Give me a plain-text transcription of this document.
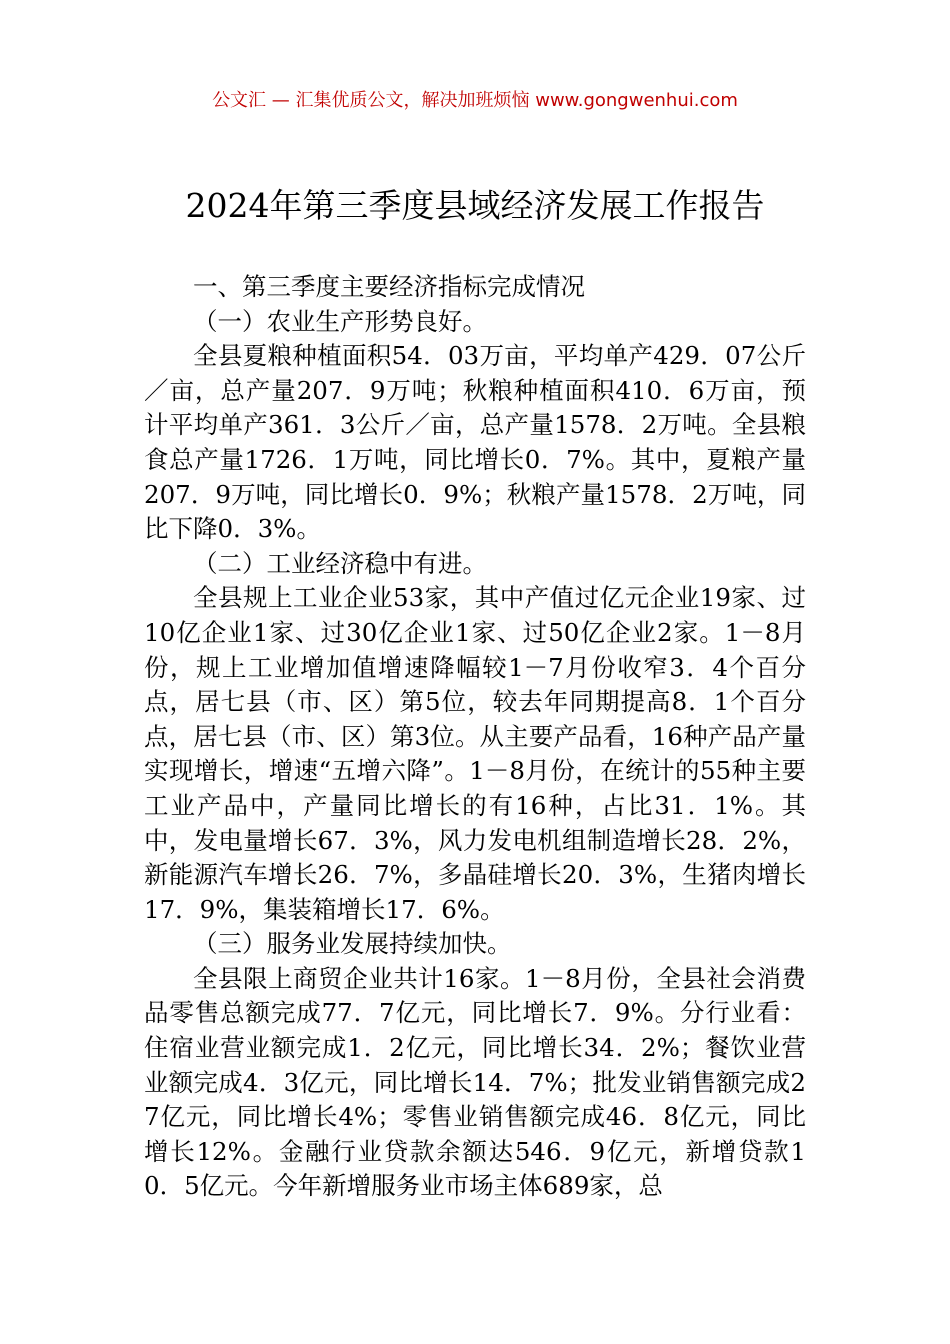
公文汇 — 汇集优质公文，解决加班烦恼 www.gongwenhui.com
2024年第三季度县域经济发展工作报告

一、第三季度主要经济指标完成情况

（一）农业生产形势良好。

全县夏粮种植面积54．03万亩，平均单产429．07公斤／亩，总产量207．9万吨；秋粮种植面积410．6万亩，预计平均单产361．3公斤／亩，总产量1578．2万吨。全县粮食总产量1726．1万吨，同比增长0．7%。其中，夏粮产量207．9万吨，同比增长0．9%；秋粮产量1578．2万吨，同比下降0．3%。

（二）工业经济稳中有进。

全县规上工业企业53家，其中产值过亿元企业19家、过10亿企业1家、过30亿企业1家、过50亿企业2家。1－8月份，规上工业增加值增速降幅较1－7月份收窄3．4个百分点，居七县（市、区）第5位，较去年同期提高8．1个百分点，居七县（市、区）第3位。从主要产品看，16种产品产量实现增长，增速“五增六降”。1－8月份，在统计的55种主要工业产品中，产量同比增长的有16种，占比31．1%。其中，发电量增长67．3%，风力发电机组制造增长28．2%，新能源汽车增长26．7%，多晶硅增长20．3%，生猪肉增长17．9%，集装箱增长17．6%。

（三）服务业发展持续加快。

全县限上商贸企业共计16家。1－8月份，全县社会消费品零售总额完成77．7亿元，同比增长7．9%。分行业看：住宿业营业额完成1．2亿元，同比增长34．2%；餐饮业营业额完成4．3亿元，同比增长14．7%；批发业销售额完成27亿元，同比增长4%；零售业销售额完成46．8亿元，同比增长12%。金融行业贷款余额达546．9亿元，新增贷款10．5亿元。今年新增服务业市场主体689家，总
